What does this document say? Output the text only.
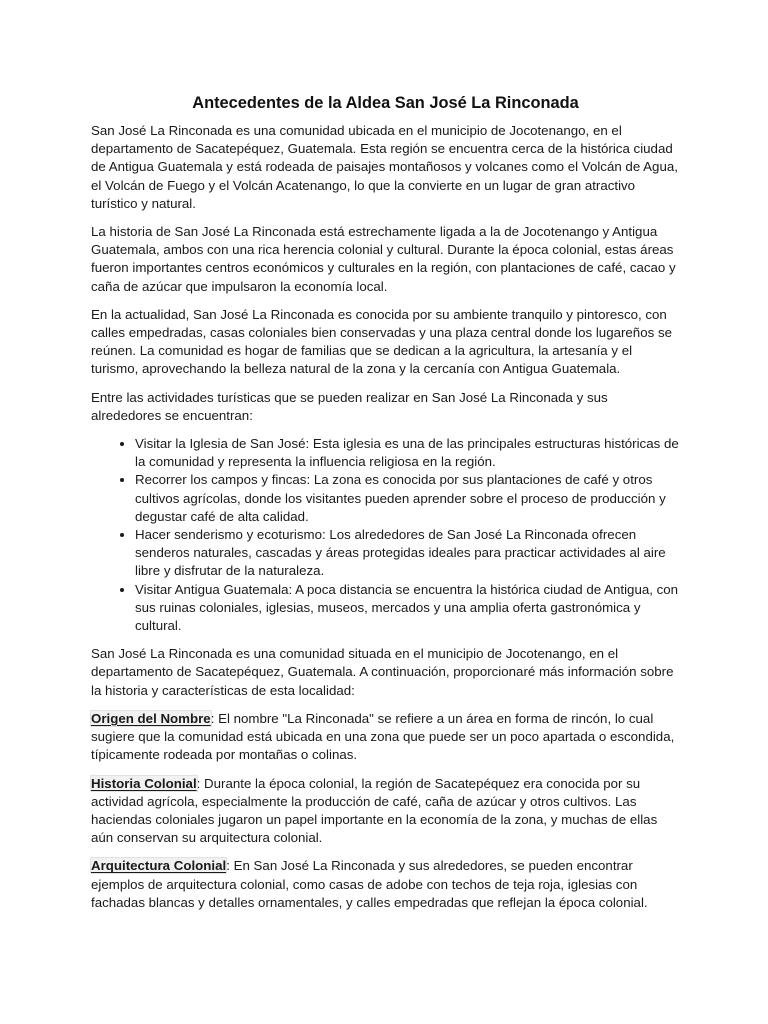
Antecedentes de la Aldea San José La Rinconada

San José La Rinconada es una comunidad ubicada en el municipio de Jocotenango, en el departamento de Sacatepéquez, Guatemala. Esta región se encuentra cerca de la histórica ciudad de Antigua Guatemala y está rodeada de paisajes montañosos y volcanes como el Volcán de Agua, el Volcán de Fuego y el Volcán Acatenango, lo que la convierte en un lugar de gran atractivo turístico y natural.

La historia de San José La Rinconada está estrechamente ligada a la de Jocotenango y Antigua Guatemala, ambos con una rica herencia colonial y cultural. Durante la época colonial, estas áreas fueron importantes centros económicos y culturales en la región, con plantaciones de café, cacao y caña de azúcar que impulsaron la economía local.

En la actualidad, San José La Rinconada es conocida por su ambiente tranquilo y pintoresco, con calles empedradas, casas coloniales bien conservadas y una plaza central donde los lugareños se reúnen. La comunidad es hogar de familias que se dedican a la agricultura, la artesanía y el turismo, aprovechando la belleza natural de la zona y la cercanía con Antigua Guatemala.

Entre las actividades turísticas que se pueden realizar en San José La Rinconada y sus alrededores se encuentran:

• Visitar la Iglesia de San José: Esta iglesia es una de las principales estructuras históricas de la comunidad y representa la influencia religiosa en la región.
• Recorrer los campos y fincas: La zona es conocida por sus plantaciones de café y otros cultivos agrícolas, donde los visitantes pueden aprender sobre el proceso de producción y degustar café de alta calidad.
• Hacer senderismo y ecoturismo: Los alrededores de San José La Rinconada ofrecen senderos naturales, cascadas y áreas protegidas ideales para practicar actividades al aire libre y disfrutar de la naturaleza.
• Visitar Antigua Guatemala: A poca distancia se encuentra la histórica ciudad de Antigua, con sus ruinas coloniales, iglesias, museos, mercados y una amplia oferta gastronómica y cultural.

San José La Rinconada es una comunidad situada en el municipio de Jocotenango, en el departamento de Sacatepéquez, Guatemala. A continuación, proporcionaré más información sobre la historia y características de esta localidad:

Origen del Nombre: El nombre "La Rinconada" se refiere a un área en forma de rincón, lo cual sugiere que la comunidad está ubicada en una zona que puede ser un poco apartada o escondida, típicamente rodeada por montañas o colinas.

Historia Colonial: Durante la época colonial, la región de Sacatepéquez era conocida por su actividad agrícola, especialmente la producción de café, caña de azúcar y otros cultivos. Las haciendas coloniales jugaron un papel importante en la economía de la zona, y muchas de ellas aún conservan su arquitectura colonial.

Arquitectura Colonial: En San José La Rinconada y sus alrededores, se pueden encontrar ejemplos de arquitectura colonial, como casas de adobe con techos de teja roja, iglesias con fachadas blancas y detalles ornamentales, y calles empedradas que reflejan la época colonial.
